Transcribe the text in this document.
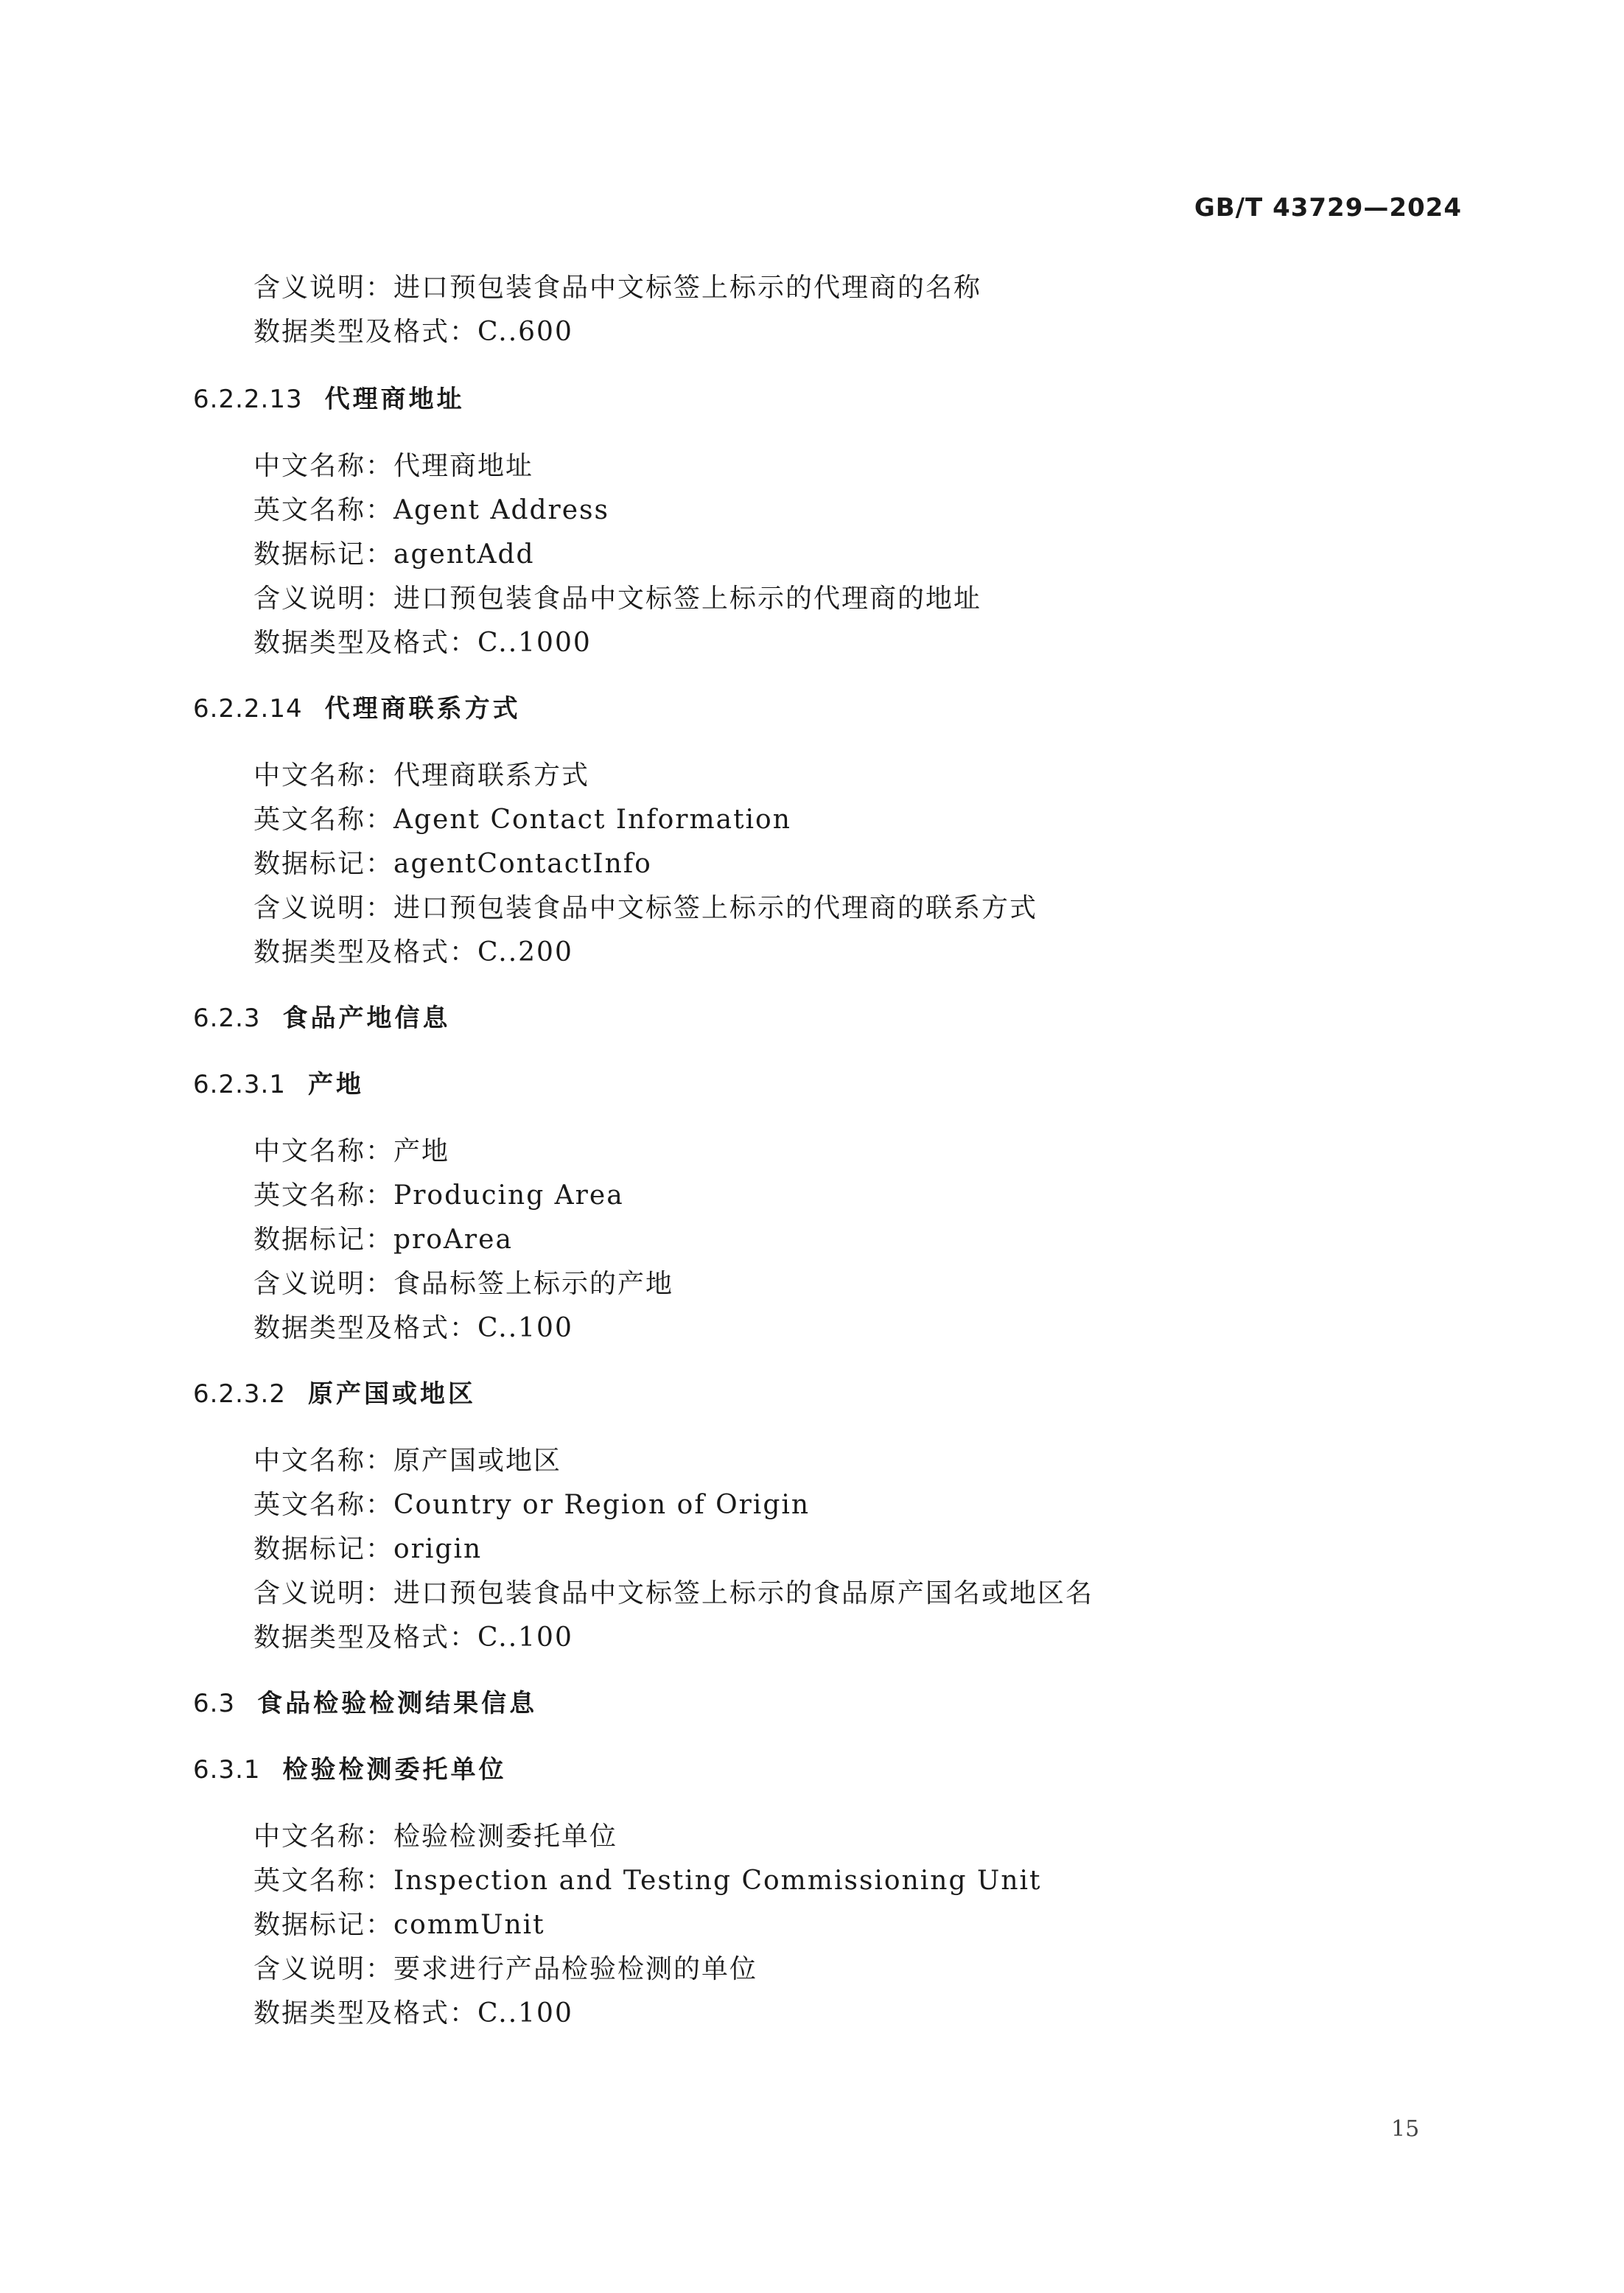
GB/T 43729—2024
含义说明：进口预包装食品中文标签上标示的代理商的名称
数据类型及格式：C..600
6.2.2.13 代理商地址
中文名称：代理商地址
英文名称：Agent Address
数据标记：agentAdd
含义说明：进口预包装食品中文标签上标示的代理商的地址
数据类型及格式：C..1000
6.2.2.14 代理商联系方式
中文名称：代理商联系方式
英文名称：Agent Contact Information
数据标记：agentContactInfo
含义说明：进口预包装食品中文标签上标示的代理商的联系方式
数据类型及格式：C..200
6.2.3 食品产地信息
6.2.3.1 产地
中文名称：产地
英文名称：Producing Area
数据标记：proArea
含义说明：食品标签上标示的产地
数据类型及格式：C..100
6.2.3.2 原产国或地区
中文名称：原产国或地区
英文名称：Country or Region of Origin
数据标记：origin
含义说明：进口预包装食品中文标签上标示的食品原产国名或地区名
数据类型及格式：C..100
6.3 食品检验检测结果信息
6.3.1 检验检测委托单位
中文名称：检验检测委托单位
英文名称：Inspection and Testing Commissioning Unit
数据标记：commUnit
含义说明：要求进行产品检验检测的单位
数据类型及格式：C..100
15
